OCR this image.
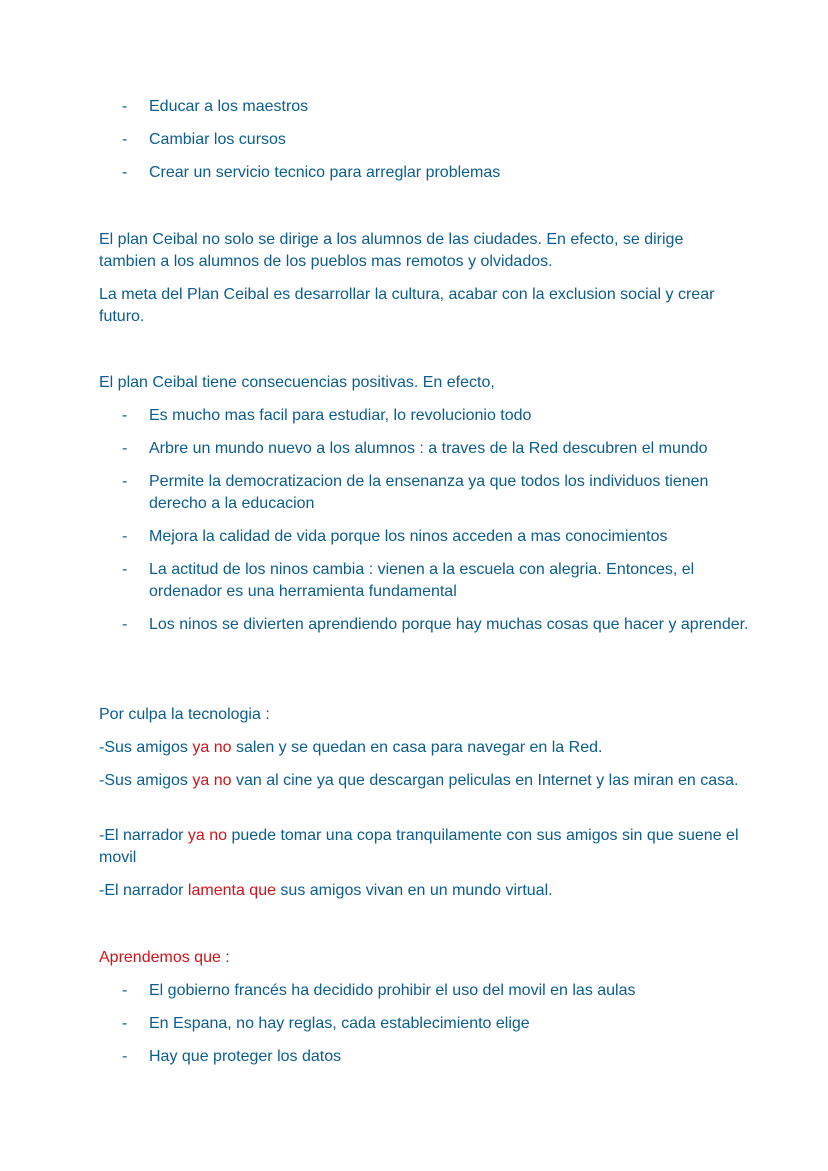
- Educar a los maestros
- Cambiar los cursos
- Crear un servicio tecnico para arreglar problemas

El plan Ceibal no solo se dirige a los alumnos de las ciudades. En efecto, se dirige tambien a los alumnos de los pueblos mas remotos y olvidados.

La meta del Plan Ceibal es desarrollar la cultura, acabar con la exclusion social y crear futuro.

El plan Ceibal tiene consecuencias positivas. En efecto,

- Es mucho mas facil para estudiar, lo revolucionio todo
- Arbre un mundo nuevo a los alumnos : a traves de la Red descubren el mundo
- Permite la democratizacion de la ensenanza ya que todos los individuos tienen derecho a la educacion
- Mejora la calidad de vida porque los ninos acceden a mas conocimientos
- La actitud de los ninos cambia : vienen a la escuela con alegria. Entonces, el ordenador es una herramienta fundamental
- Los ninos se divierten aprendiendo porque hay muchas cosas que hacer y aprender.

Por culpa la tecnologia :

-Sus amigos ya no salen y se quedan en casa para navegar en la Red.

-Sus amigos ya no van al cine ya que descargan peliculas en Internet y las miran en casa.

-El narrador ya no puede tomar una copa tranquilamente con sus amigos sin que suene el movil

-El narrador lamenta que sus amigos vivan en un mundo virtual.

Aprendemos que :

- El gobierno francés ha decidido prohibir el uso del movil en las aulas
- En Espana, no hay reglas, cada establecimiento elige
- Hay que proteger los datos
